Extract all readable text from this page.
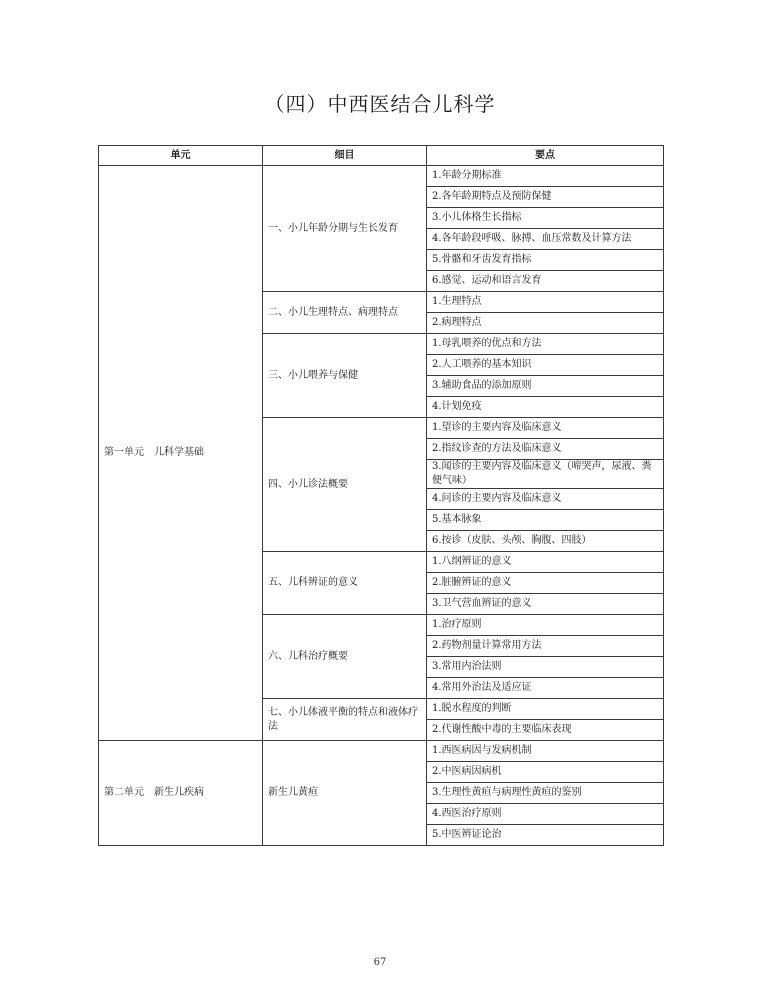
（四）中西医结合儿科学
单元	细目	要点
第一单元　儿科学基础	一、小儿年龄分期与生长发育	1.年龄分期标准
		2.各年龄期特点及预防保健
		3.小儿体格生长指标
		4.各年龄段呼吸、脉搏、血压常数及计算方法
		5.骨骼和牙齿发育指标
		6.感觉、运动和语言发育
	二、小儿生理特点、病理特点	1.生理特点
		2.病理特点
	三、小儿喂养与保健	1.母乳喂养的优点和方法
		2.人工喂养的基本知识
		3.辅助食品的添加原则
		4.计划免疫
	四、小儿诊法概要	1.望诊的主要内容及临床意义
		2.指纹诊查的方法及临床意义
		3.闻诊的主要内容及临床意义（啼哭声，尿液、粪便气味）
		4.问诊的主要内容及临床意义
		5.基本脉象
		6.按诊（皮肤、头颅、胸腹、四肢）
	五、儿科辨证的意义	1.八纲辨证的意义
		2.脏腑辨证的意义
		3.卫气营血辨证的意义
	六、儿科治疗概要	1.治疗原则
		2.药物剂量计算常用方法
		3.常用内治法则
		4.常用外治法及适应证
	七、小儿体液平衡的特点和液体疗法	1.脱水程度的判断
		2.代谢性酸中毒的主要临床表现
第二单元　新生儿疾病	新生儿黄疸	1.西医病因与发病机制
		2.中医病因病机
		3.生理性黄疸与病理性黄疸的鉴别
		4.西医治疗原则
		5.中医辨证论治
67
